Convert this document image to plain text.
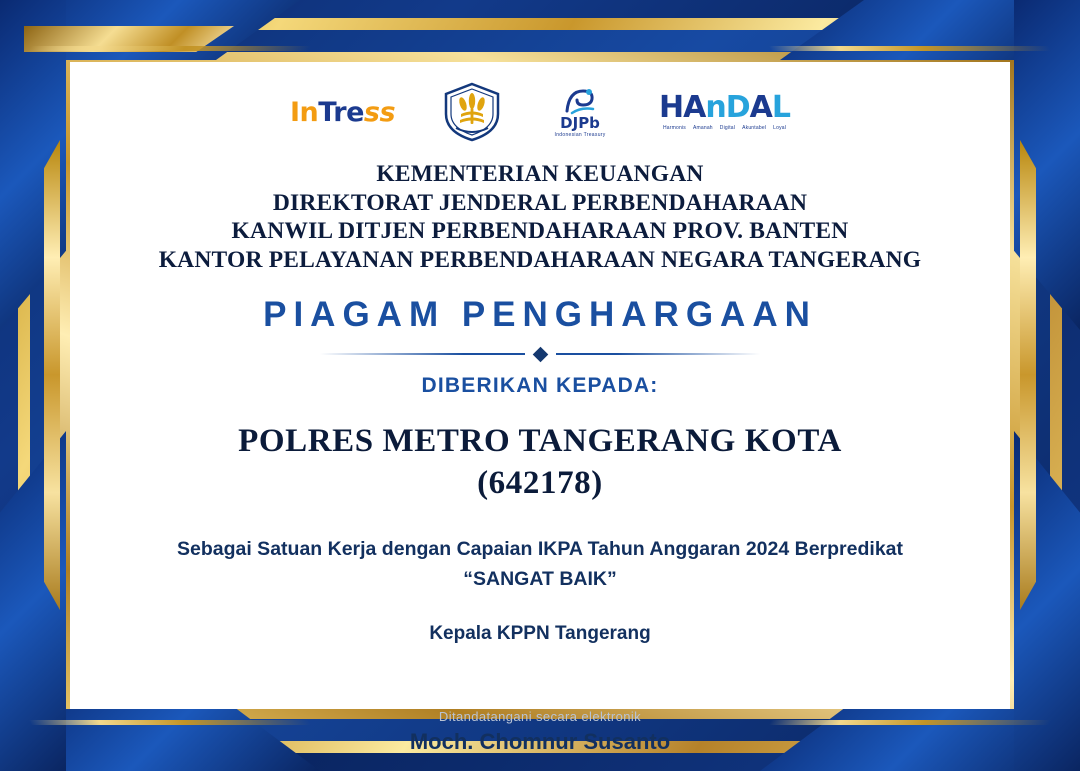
InTress	DJPb
Indonesian Treasury
HAnDAL
Harmonis Amanah Digital Akuntabel Loyal
KEMENTERIAN KEUANGAN
DIREKTORAT JENDERAL PERBENDAHARAAN
KANWIL DITJEN PERBENDAHARAAN PROV. BANTEN
KANTOR PELAYANAN PERBENDAHARAAN NEGARA TANGERANG
PIAGAM PENGHARGAAN
DIBERIKAN KEPADA:
POLRES METRO TANGERANG KOTA
(642178)
Sebagai Satuan Kerja dengan Capaian IKPA Tahun Anggaran 2024 Berpredikat
“SANGAT BAIK”
Kepala KPPN Tangerang
Ditandatangani secara elektronik
Moch. Chomnur Susanto
